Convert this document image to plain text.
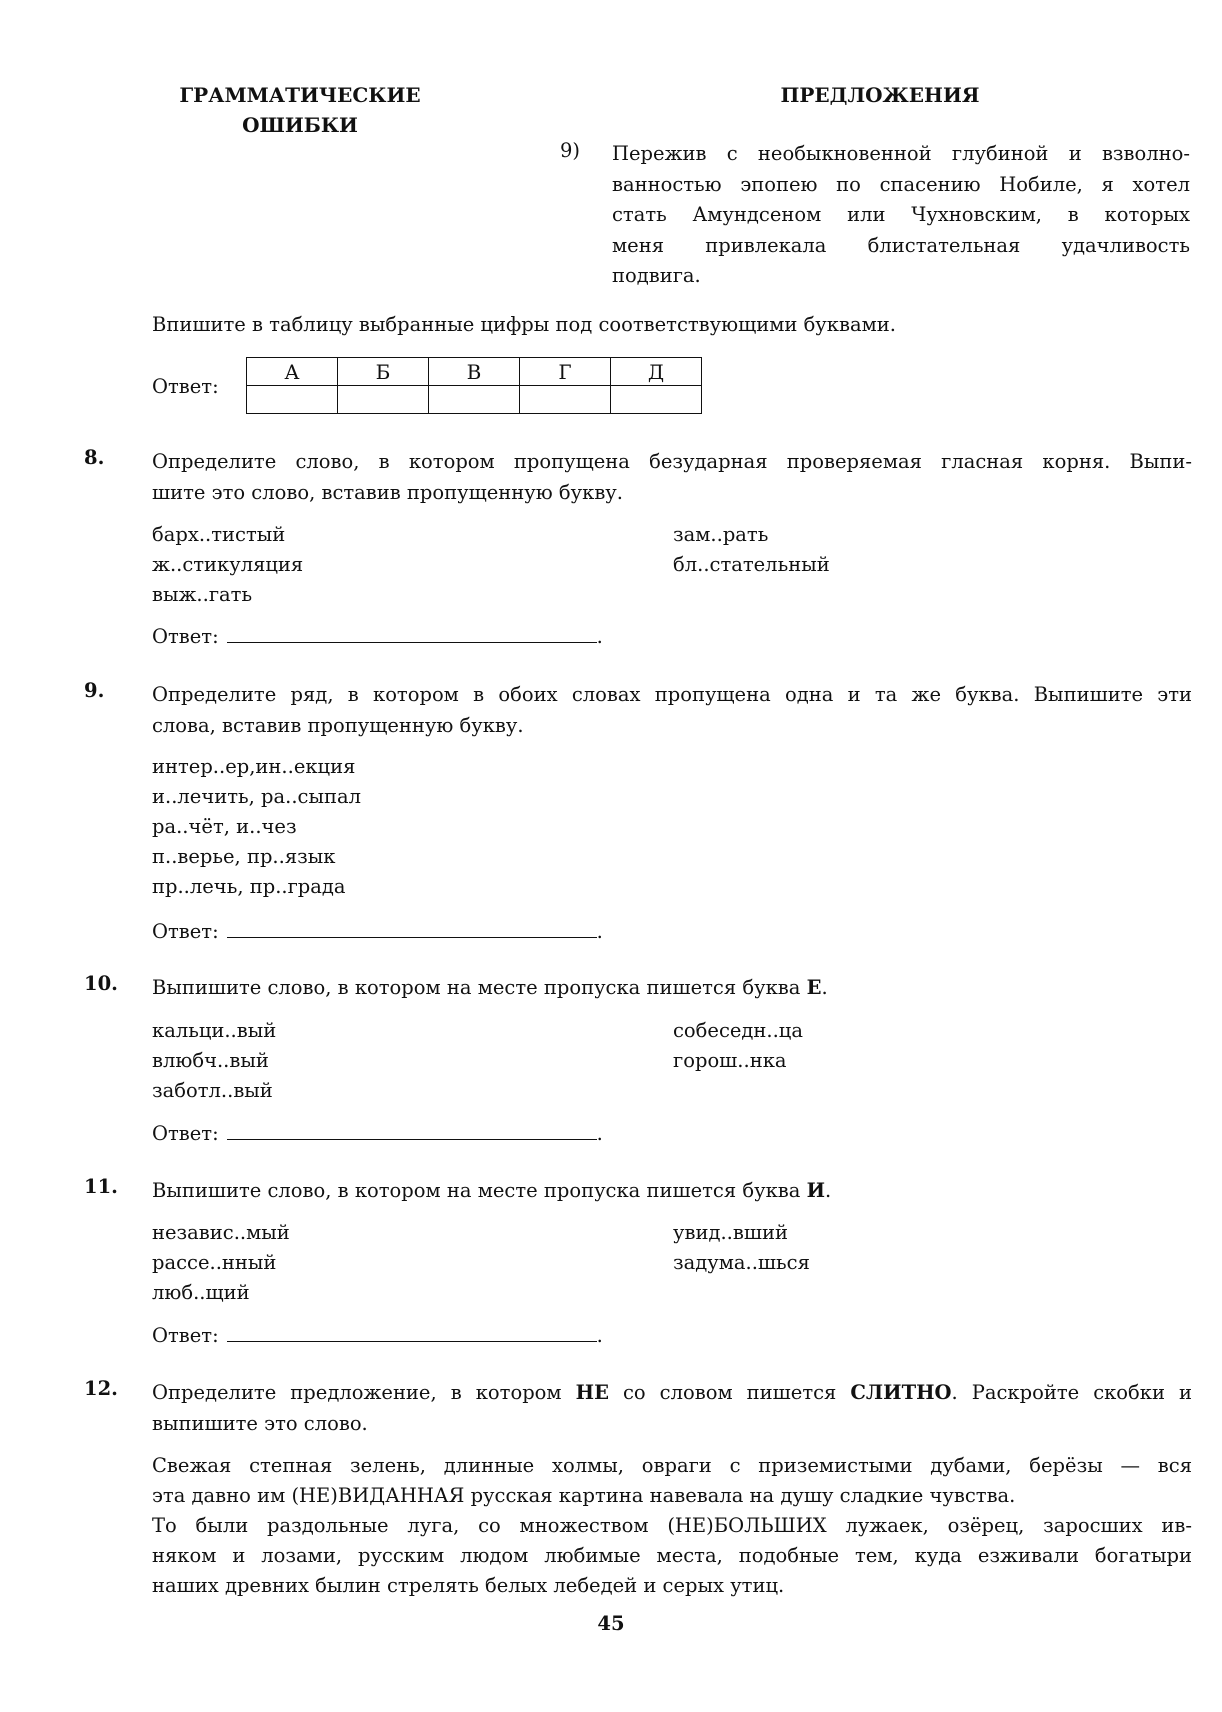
ГРАММАТИЧЕСКИЕ
ОШИБКИ
ПРЕДЛОЖЕНИЯ
9) Пережив с необыкновенной глубиной и взволно-
ванностью эпопею по спасению Нобиле, я хотел
стать Амундсеном или Чухновским, в которых
меня привлекала блистательная удачливость
подвига.
Впишите в таблицу выбранные цифры под соответствующими буквами.
Ответ:
А	Б	В	Г	Д

8. Определите слово, в котором пропущена безударная проверяемая гласная корня. Выпи-
шите это слово, вставив пропущенную букву.
барх..тистый
ж..стикуляция
выж..гать
зам..рать
бл..стательный
Ответ:	.
9. Определите ряд, в котором в обоих словах пропущена одна и та же буква. Выпишите эти
слова, вставив пропущенную букву.
интер..ер,ин..екция
и..лечить, ра..сыпал
ра..чёт, и..чез
п..верье, пр..язык
пр..лечь, пр..града
Ответ:	.
10. Выпишите слово, в котором на месте пропуска пишется буква Е.
кальци..вый
влюбч..вый
заботл..вый
собеседн..ца
горош..нка
Ответ:	.
11. Выпишите слово, в котором на месте пропуска пишется буква И.
независ..мый
рассе..нный
люб..щий
увид..вший
задума..шься
Ответ:	.
12. Определите предложение, в котором НЕ со словом пишется СЛИТНО. Раскройте скобки и
выпишите это слово.
Свежая степная зелень, длинные холмы, овраги с приземистыми дубами, берёзы — вся
эта давно им (НЕ)ВИДАННАЯ русская картина навевала на душу сладкие чувства.
То были раздольные луга, со множеством (НЕ)БОЛЬШИХ лужаек, озёрец, заросших ив-
няком и лозами, русским людом любимые места, подобные тем, куда езживали богатыри
наших древних былин стрелять белых лебедей и серых утиц.
45
